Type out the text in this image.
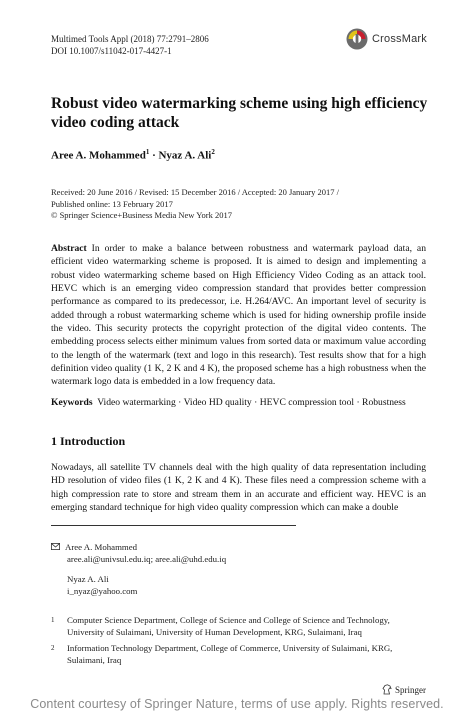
Multimed Tools Appl (2018) 77:2791–2806
DOI 10.1007/s11042-017-4427-1
CrossMark
Robust video watermarking scheme using high efficiency video coding attack
Aree A. Mohammed$^1$ · Nyaz A. Ali$^2$
Received: 20 June 2016 / Revised: 15 December 2016 / Accepted: 20 January 2017 /
Published online: 13 February 2017
© Springer Science+Business Media New York 2017
Abstract In order to make a balance between robustness and watermark payload data, an efficient video watermarking scheme is proposed. It is aimed to design and implementing a robust video watermarking scheme based on High Efficiency Video Coding as an attack tool. HEVC which is an emerging video compression standard that provides better compression performance as compared to its predecessor, i.e. H.264/AVC. An important level of security is added through a robust watermarking scheme which is used for hiding ownership profile inside the video. This security protects the copyright protection of the digital video contents. The embedding process selects either minimum values from sorted data or maximum value according to the length of the watermark (text and logo in this research). Test results show that for a high definition video quality (1 K, 2 K and 4 K), the proposed scheme has a high robustness when the watermark logo data is embedded in a low frequency data.
Keywords Video watermarking · Video HD quality · HEVC compression tool · Robustness
1 Introduction
Nowadays, all satellite TV channels deal with the high quality of data representation including HD resolution of video files (1 K, 2 K and 4 K). These files need a compression scheme with a high compression rate to store and stream them in an accurate and efficient way. HEVC is an emerging standard technique for high video quality compression which can make a double
Aree A. Mohammed
aree.ali@univsul.edu.iq; aree.ali@uhd.edu.iq
Nyaz A. Ali
i_nyaz@yahoo.com
1	Computer Science Department, College of Science and College of Science and Technology, University of Sulaimani, University of Human Development, KRG, Sulaimani, Iraq
2	Information Technology Department, College of Commerce, University of Sulaimani, KRG, Sulaimani, Iraq
Springer
Content courtesy of Springer Nature, terms of use apply. Rights reserved.
